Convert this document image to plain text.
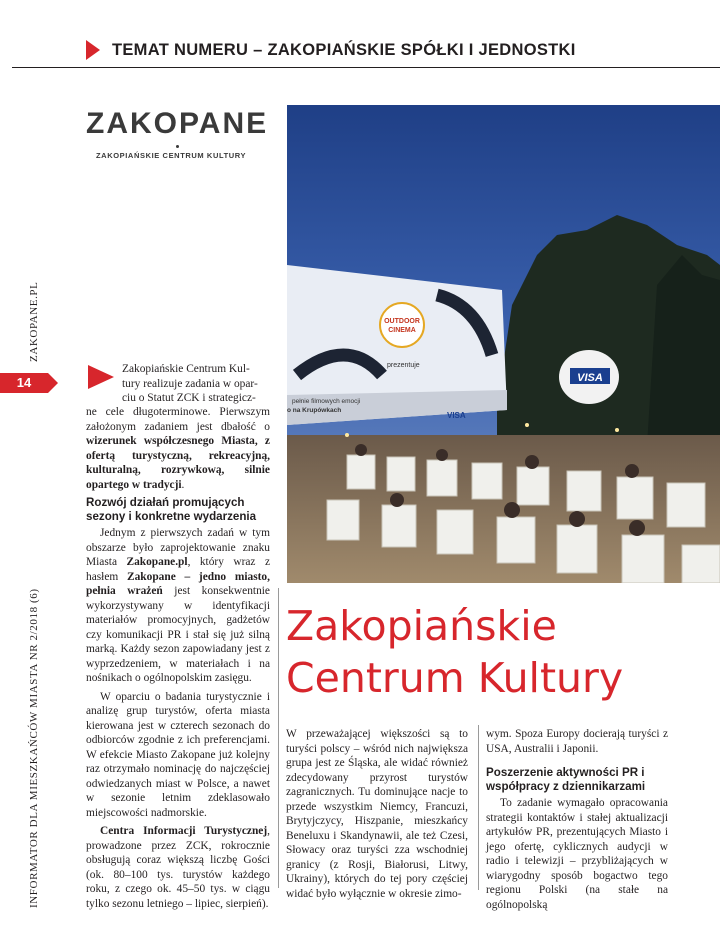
TEMAT NUMERU – ZAKOPIAŃSKIE SPÓŁKI I JEDNOSTKI
INFORMATOR DLA MIESZKAŃCÓW MIASTA NR 2/2018 (6)
ZAKOPANE.PL
14
ZAKOPANE
ZAKOPIAŃSKIE CENTRUM KULTURY
OUTDOOR
CINEMA
prezentuje
pełnie filmowych emocji
o na Krupówkach
VISA
VISA

Zakopiańskie Centrum Kul-

tury realizuje zadania w opar-

ciu o Statut ZCK i strategicz-

ne cele długoterminowe. Pierwszym założonym zadaniem jest dbałość o wizerunek współczesnego Miasta, z ofertą turystyczną, rekreacyjną, kulturalną, rozrywkową, silnie opartego w tradycji.

Rozwój działań promujących sezony i konkretne wydarzenia

Jednym z pierwszych zadań w tym obszarze było zaprojektowanie znaku Miasta Zakopane.pl, który wraz z hasłem Zakopane – jedno miasto, pełnia wrażeń jest konsekwentnie wykorzystywany w identyfikacji materiałów promocyjnych, gadżetów czy komunikacji PR i stał się już silną marką. Każdy sezon zapowiadany jest z wyprzedzeniem, w materiałach i na nośnikach o ogólnopolskim zasięgu.

W oparciu o badania turystycznie i analizę grup turystów, oferta miasta kierowana jest w czterech sezonach do odbiorców zgodnie z ich preferencjami. W efekcie Miasto Zakopane już kolejny raz otrzymało nominację do najczęściej odwiedzanych miast w Polsce, a nawet w sezonie letnim zdeklasowało miejscowości nadmorskie.

Centra Informacji Turystycznej, prowadzone przez ZCK, rokrocznie obsługują coraz większą liczbę Gości (ok. 80–100 tys. turystów każdego roku, z czego ok. 45–50 tys. w ciągu tylko sezonu letniego – lipiec, sierpień).

Zakopiańskie
Centrum Kultury

W przeważającej większości są to turyści polscy – wśród nich największa grupa jest ze Śląska, ale widać również zdecydowany przyrost turystów zagranicznych. Tu dominujące nacje to przede wszystkim Niemcy, Francuzi, Brytyjczycy, Hiszpanie, mieszkańcy Beneluxu i Skandynawii, ale też Czesi, Słowacy oraz turyści zza wschodniej granicy (z Rosji, Białorusi, Litwy, Ukrainy), których do tej pory częściej widać było wyłącznie w okresie zimo-

wym. Spoza Europy docierają turyści z USA, Australii i Japonii.

Poszerzenie aktywności PR i współpracy z dziennikarzami

To zadanie wymagało opracowania strategii kontaktów i stałej aktualizacji artykułów PR, prezentujących Miasto i jego ofertę, cyklicznych audycji w radio i telewizji – przybliżających w wiarygodny sposób bogactwo tego regionu Polski (na stałe na ogólnopolską
